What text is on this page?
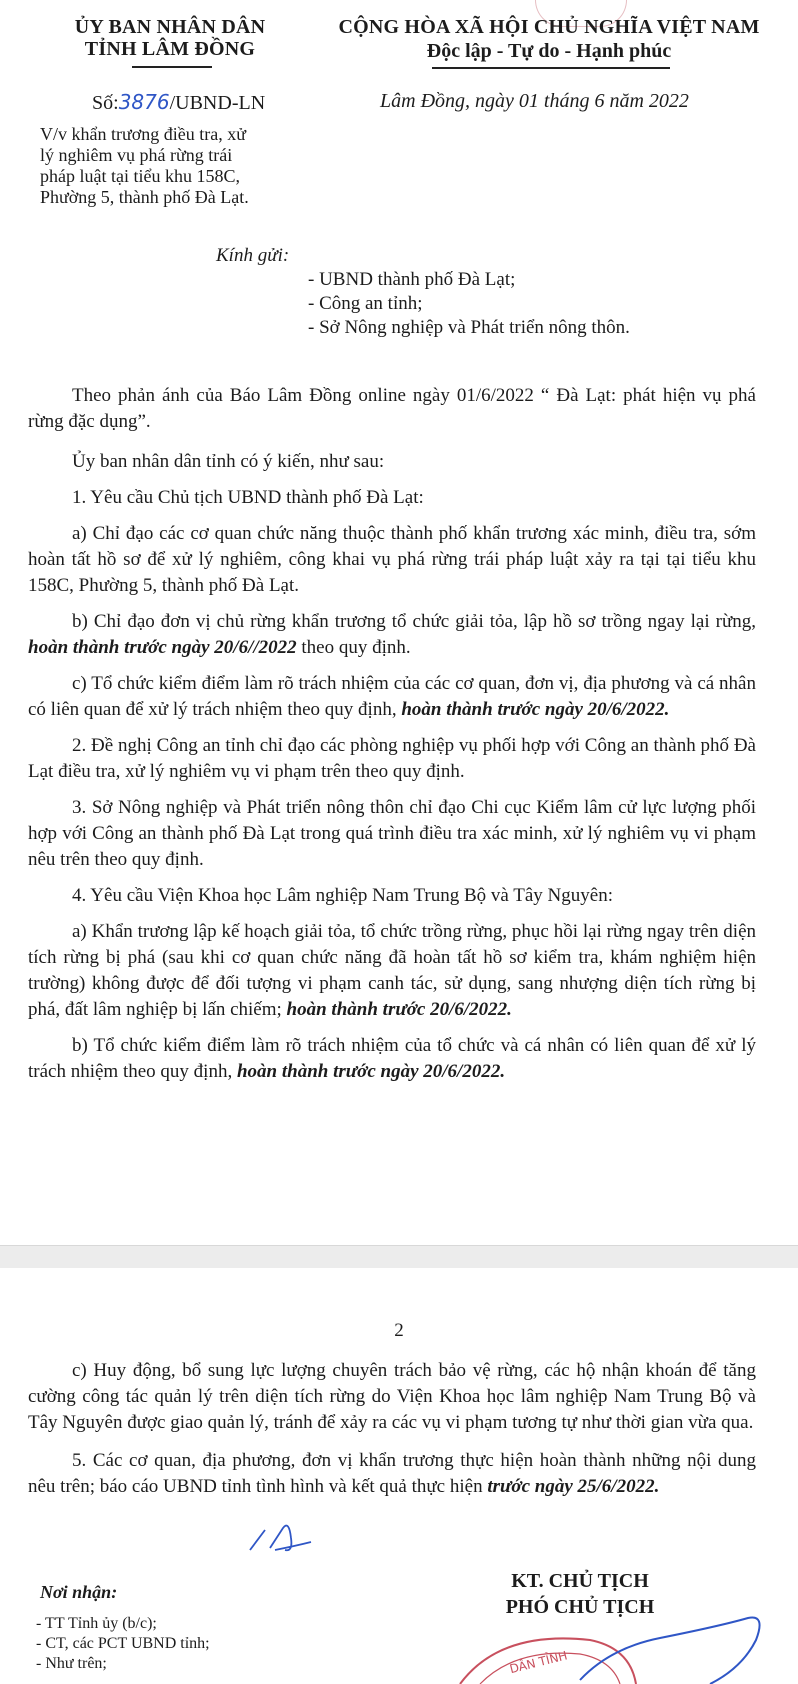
ỦY BAN NHÂN DÂN
TỈNH LÂM ĐỒNG
CỘNG HÒA XÃ HỘI CHỦ NGHĨA VIỆT NAM
Độc lập - Tự do - Hạnh phúc
Số:3876/UBND-LN	Lâm Đồng, ngày 01 tháng 6 năm 2022
V/v khẩn trương điều tra, xử
lý nghiêm vụ phá rừng trái
pháp luật tại tiểu khu 158C,
Phường 5, thành phố Đà Lạt.
Kính gửi:
- UBND thành phố Đà Lạt;
- Công an tỉnh;
- Sở Nông nghiệp và Phát triển nông thôn.

Theo phản ánh của Báo Lâm Đồng online ngày 01/6/2022 “ Đà Lạt: phát hiện vụ phá rừng đặc dụng”.

Ủy ban nhân dân tỉnh có ý kiến, như sau:

1. Yêu cầu Chủ tịch UBND thành phố Đà Lạt:

a) Chỉ đạo các cơ quan chức năng thuộc thành phố khẩn trương xác minh, điều tra, sớm hoàn tất hồ sơ để xử lý nghiêm, công khai vụ phá rừng trái pháp luật xảy ra tại tại tiểu khu 158C, Phường 5, thành phố Đà Lạt.

b) Chỉ đạo đơn vị chủ rừng khẩn trương tổ chức giải tỏa, lập hồ sơ trồng ngay lại rừng, hoàn thành trước ngày 20/6//2022 theo quy định.

c) Tổ chức kiểm điểm làm rõ trách nhiệm của các cơ quan, đơn vị, địa phương và cá nhân có liên quan để xử lý trách nhiệm theo quy định, hoàn thành trước ngày 20/6/2022.

2. Đề nghị Công an tỉnh chỉ đạo các phòng nghiệp vụ phối hợp với Công an thành phố Đà Lạt điều tra, xử lý nghiêm vụ vi phạm trên theo quy định.

3. Sở Nông nghiệp và Phát triển nông thôn chỉ đạo Chi cục Kiểm lâm cử lực lượng phối hợp với Công an thành phố Đà Lạt trong quá trình điều tra xác minh, xử lý nghiêm vụ vi phạm nêu trên theo quy định.

4. Yêu cầu Viện Khoa học Lâm nghiệp Nam Trung Bộ và Tây Nguyên:

a) Khẩn trương lập kế hoạch giải tỏa, tổ chức trồng rừng, phục hồi lại rừng ngay trên diện tích rừng bị phá (sau khi cơ quan chức năng đã hoàn tất hồ sơ kiểm tra, khám nghiệm hiện trường) không được để đối tượng vi phạm canh tác, sử dụng, sang nhượng diện tích rừng bị phá, đất lâm nghiệp bị lấn chiếm; hoàn thành trước 20/6/2022.

b) Tổ chức kiểm điểm làm rõ trách nhiệm của tổ chức và cá nhân có liên quan để xử lý trách nhiệm theo quy định, hoàn thành trước ngày 20/6/2022.

2

c) Huy động, bổ sung lực lượng chuyên trách bảo vệ rừng, các hộ nhận khoán để tăng cường công tác quản lý trên diện tích rừng do Viện Khoa học lâm nghiệp Nam Trung Bộ và Tây Nguyên được giao quản lý, tránh để xảy ra các vụ vi phạm tương tự như thời gian vừa qua.

5. Các cơ quan, địa phương, đơn vị khẩn trương thực hiện hoàn thành những nội dung nêu trên; báo cáo UBND tỉnh tình hình và kết quả thực hiện trước ngày 25/6/2022.

Nơi nhận:
- TT Tỉnh ủy (b/c);
- CT, các PCT UBND tỉnh;
- Như trên;
KT. CHỦ TỊCH
PHÓ CHỦ TỊCH
DÂN TỈNH
